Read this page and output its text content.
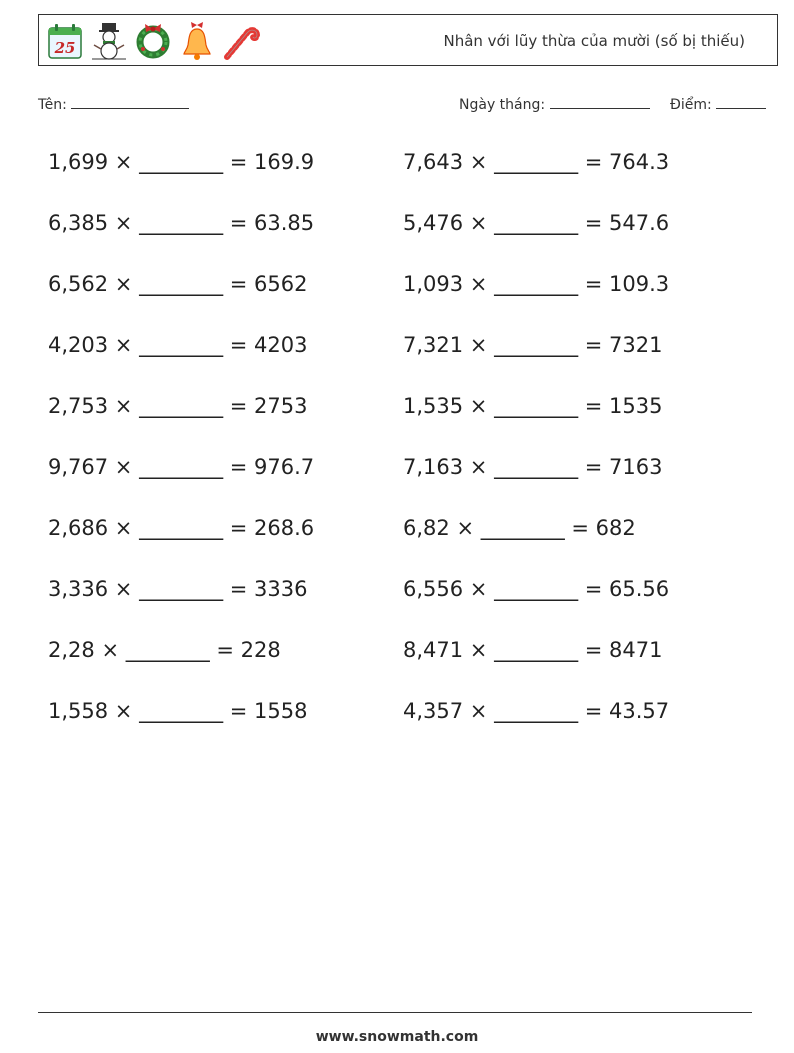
25	Nhân với lũy thừa của mười (số bị thiếu)
Tên:	Ngày tháng:	Điểm:
1,699 × ________ = 169.9
6,385 × ________ = 63.85
6,562 × ________ = 6562
4,203 × ________ = 4203
2,753 × ________ = 2753
9,767 × ________ = 976.7
2,686 × ________ = 268.6
3,336 × ________ = 3336
2,28 × ________ = 228
1,558 × ________ = 1558
7,643 × ________ = 764.3
5,476 × ________ = 547.6
1,093 × ________ = 109.3
7,321 × ________ = 7321
1,535 × ________ = 1535
7,163 × ________ = 7163
6,82 × ________ = 682
6,556 × ________ = 65.56
8,471 × ________ = 8471
4,357 × ________ = 43.57
www.snowmath.com
